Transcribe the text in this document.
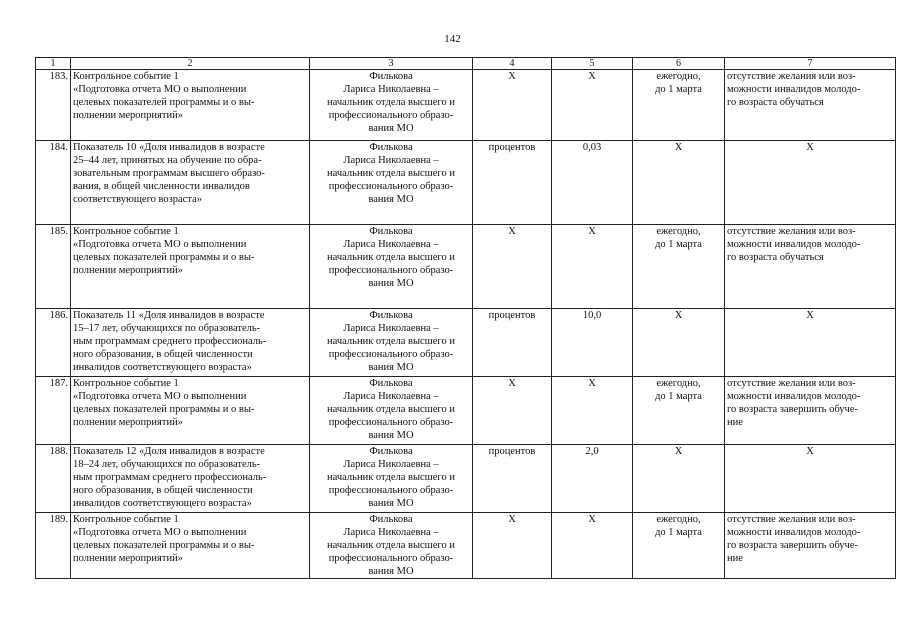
142
1	2	3	4	5	6	7
183.	Контрольное событие 1
«Подготовка отчета МО о выполнении
целевых показателей программы и о вы-
полнении мероприятий»	Филькова
Лариса Николаевна –
начальник отдела высшего и
профессионального образо-
вания МО	Х	Х	ежегодно,
до 1 марта	отсутствие желания или воз-
можности инвалидов молодо-
го возраста обучаться
184.	Показатель 10 «Доля инвалидов в возрасте
25–44 лет, принятых на обучение по обра-
зовательным программам высшего образо-
вания, в общей численности инвалидов
соответствующего возраста»	Филькова
Лариса Николаевна –
начальник отдела высшего и
профессионального образо-
вания МО	процентов	0,03	Х	Х
185.	Контрольное событие 1
«Подготовка отчета МО о выполнении
целевых показателей программы и о вы-
полнении мероприятий»	Филькова
Лариса Николаевна –
начальник отдела высшего и
профессионального образо-
вания МО	Х	Х	ежегодно,
до 1 марта	отсутствие желания или воз-
можности инвалидов молодо-
го возраста обучаться
186.	Показатель 11 «Доля инвалидов в возрасте
15–17 лет, обучающихся по образователь-
ным программам среднего профессиональ-
ного образования, в общей численности
инвалидов соответствующего возраста»	Филькова
Лариса Николаевна –
начальник отдела высшего и
профессионального образо-
вания МО	процентов	10,0	Х	Х
187.	Контрольное событие 1
«Подготовка отчета МО о выполнении
целевых показателей программы и о вы-
полнении мероприятий»	Филькова
Лариса Николаевна –
начальник отдела высшего и
профессионального образо-
вания МО	Х	Х	ежегодно,
до 1 марта	отсутствие желания или воз-
можности инвалидов молодо-
го возраста завершить обуче-
ние
188.	Показатель 12 «Доля инвалидов в возрасте
18–24 лет, обучающихся по образователь-
ным программам среднего профессиональ-
ного образования, в общей численности
инвалидов соответствующего возраста»	Филькова
Лариса Николаевна –
начальник отдела высшего и
профессионального образо-
вания МО	процентов	2,0	Х	Х
189.	Контрольное событие 1
«Подготовка отчета МО о выполнении
целевых показателей программы и о вы-
полнении мероприятий»	Филькова
Лариса Николаевна –
начальник отдела высшего и
профессионального образо-
вания МО	Х	Х	ежегодно,
до 1 марта	отсутствие желания или воз-
можности инвалидов молодо-
го возраста завершить обуче-
ние
